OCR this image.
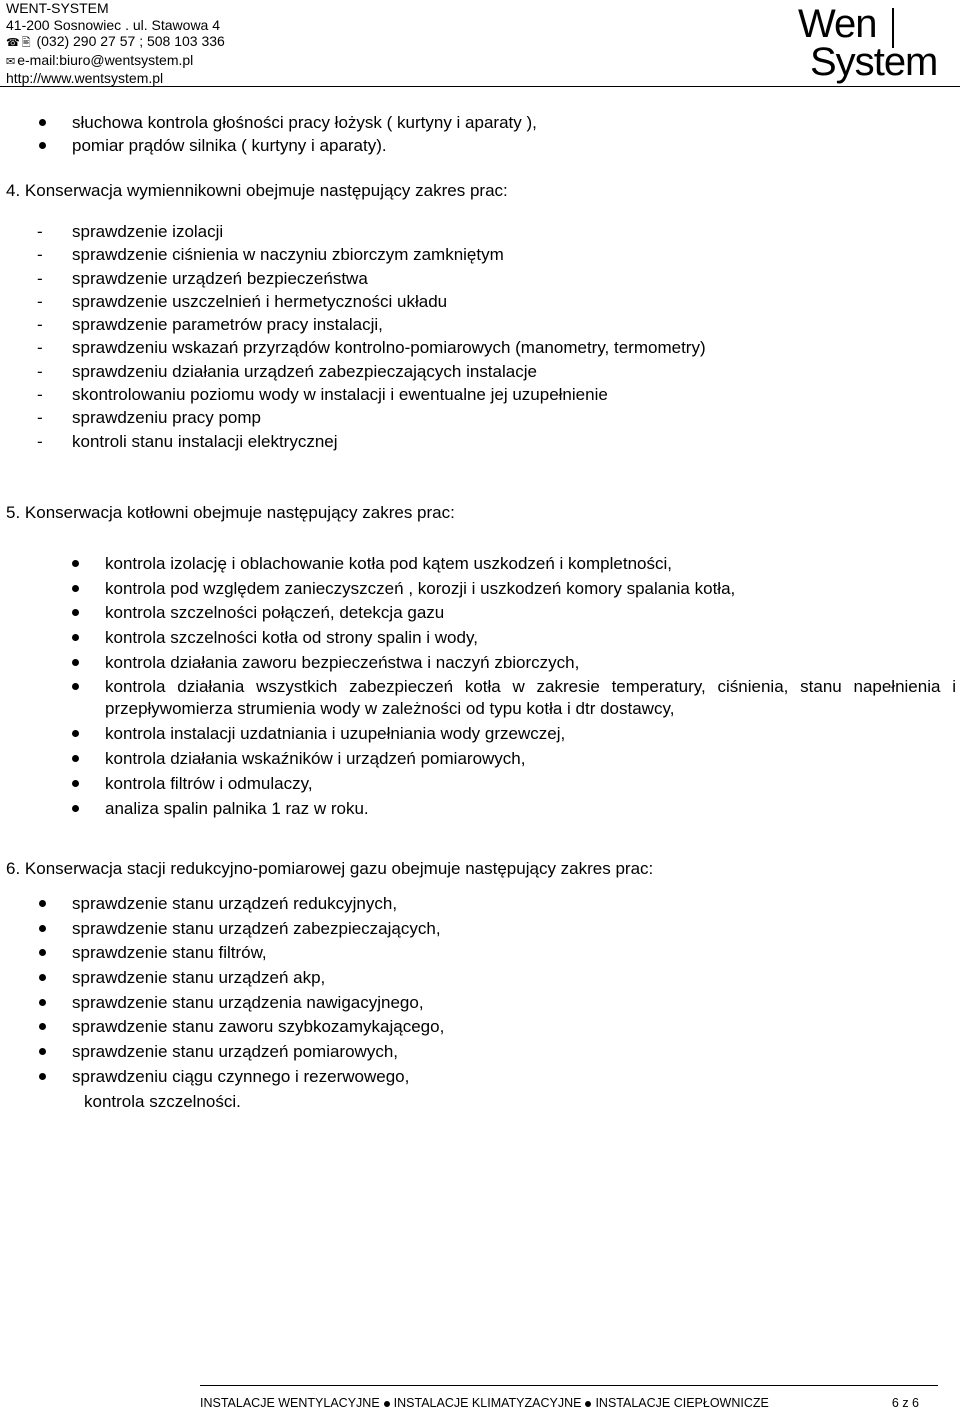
WENT-SYSTEM
41-200 Sosnowiec . ul. Stawowa 4
☎ 🖹 (032) 290 27 57 ; 508 103 336
✉ e-mail:biuro@wentsystem.pl
http://www.wentsystem.pl
Wen
System
słuchowa kontrola głośności pracy łożysk ( kurtyny i aparaty ),
pomiar prądów silnika ( kurtyny i aparaty).
4. Konserwacja wymiennikowni obejmuje następujący zakres prac:
- sprawdzenie izolacji
- sprawdzenie ciśnienia w naczyniu zbiorczym zamkniętym
- sprawdzenie urządzeń bezpieczeństwa
- sprawdzenie uszczelnień i hermetyczności układu
- sprawdzenie parametrów pracy instalacji,
- sprawdzeniu wskazań przyrządów kontrolno-pomiarowych (manometry, termometry)
- sprawdzeniu działania urządzeń zabezpieczających instalacje
- skontrolowaniu poziomu wody w instalacji i ewentualne jej uzupełnienie
- sprawdzeniu pracy pomp
- kontroli stanu instalacji elektrycznej
5. Konserwacja kotłowni obejmuje następujący zakres prac:
kontrola izolację i oblachowanie kotła pod kątem uszkodzeń i kompletności,
kontrola pod względem zanieczyszczeń , korozji i uszkodzeń komory spalania kotła,
kontrola szczelności połączeń, detekcja gazu
kontrola szczelności kotła od strony spalin i wody,
kontrola działania zaworu bezpieczeństwa i naczyń zbiorczych,
kontrola działania wszystkich zabezpieczeń kotła w zakresie temperatury, ciśnienia, stanu napełnienia i przepływomierza strumienia wody w zależności od typu kotła i dtr dostawcy,
kontrola instalacji uzdatniania i uzupełniania wody grzewczej,
kontrola działania wskaźników i urządzeń pomiarowych,
kontrola filtrów i odmulaczy,
analiza spalin palnika 1 raz w roku.
6. Konserwacja stacji redukcyjno-pomiarowej gazu obejmuje następujący zakres prac:
sprawdzenie stanu urządzeń redukcyjnych,
sprawdzenie stanu urządzeń zabezpieczających,
sprawdzenie stanu filtrów,
sprawdzenie stanu urządzeń akp,
sprawdzenie stanu urządzenia nawigacyjnego,
sprawdzenie stanu zaworu szybkozamykającego,
sprawdzenie stanu urządzeń pomiarowych,
sprawdzeniu ciągu czynnego i rezerwowego,
kontrola szczelności.
INSTALACJE WENTYLACYJNE INSTALACJE KLIMATYZACYJNE INSTALACJE CIEPŁOWNICZE	6 z 6
